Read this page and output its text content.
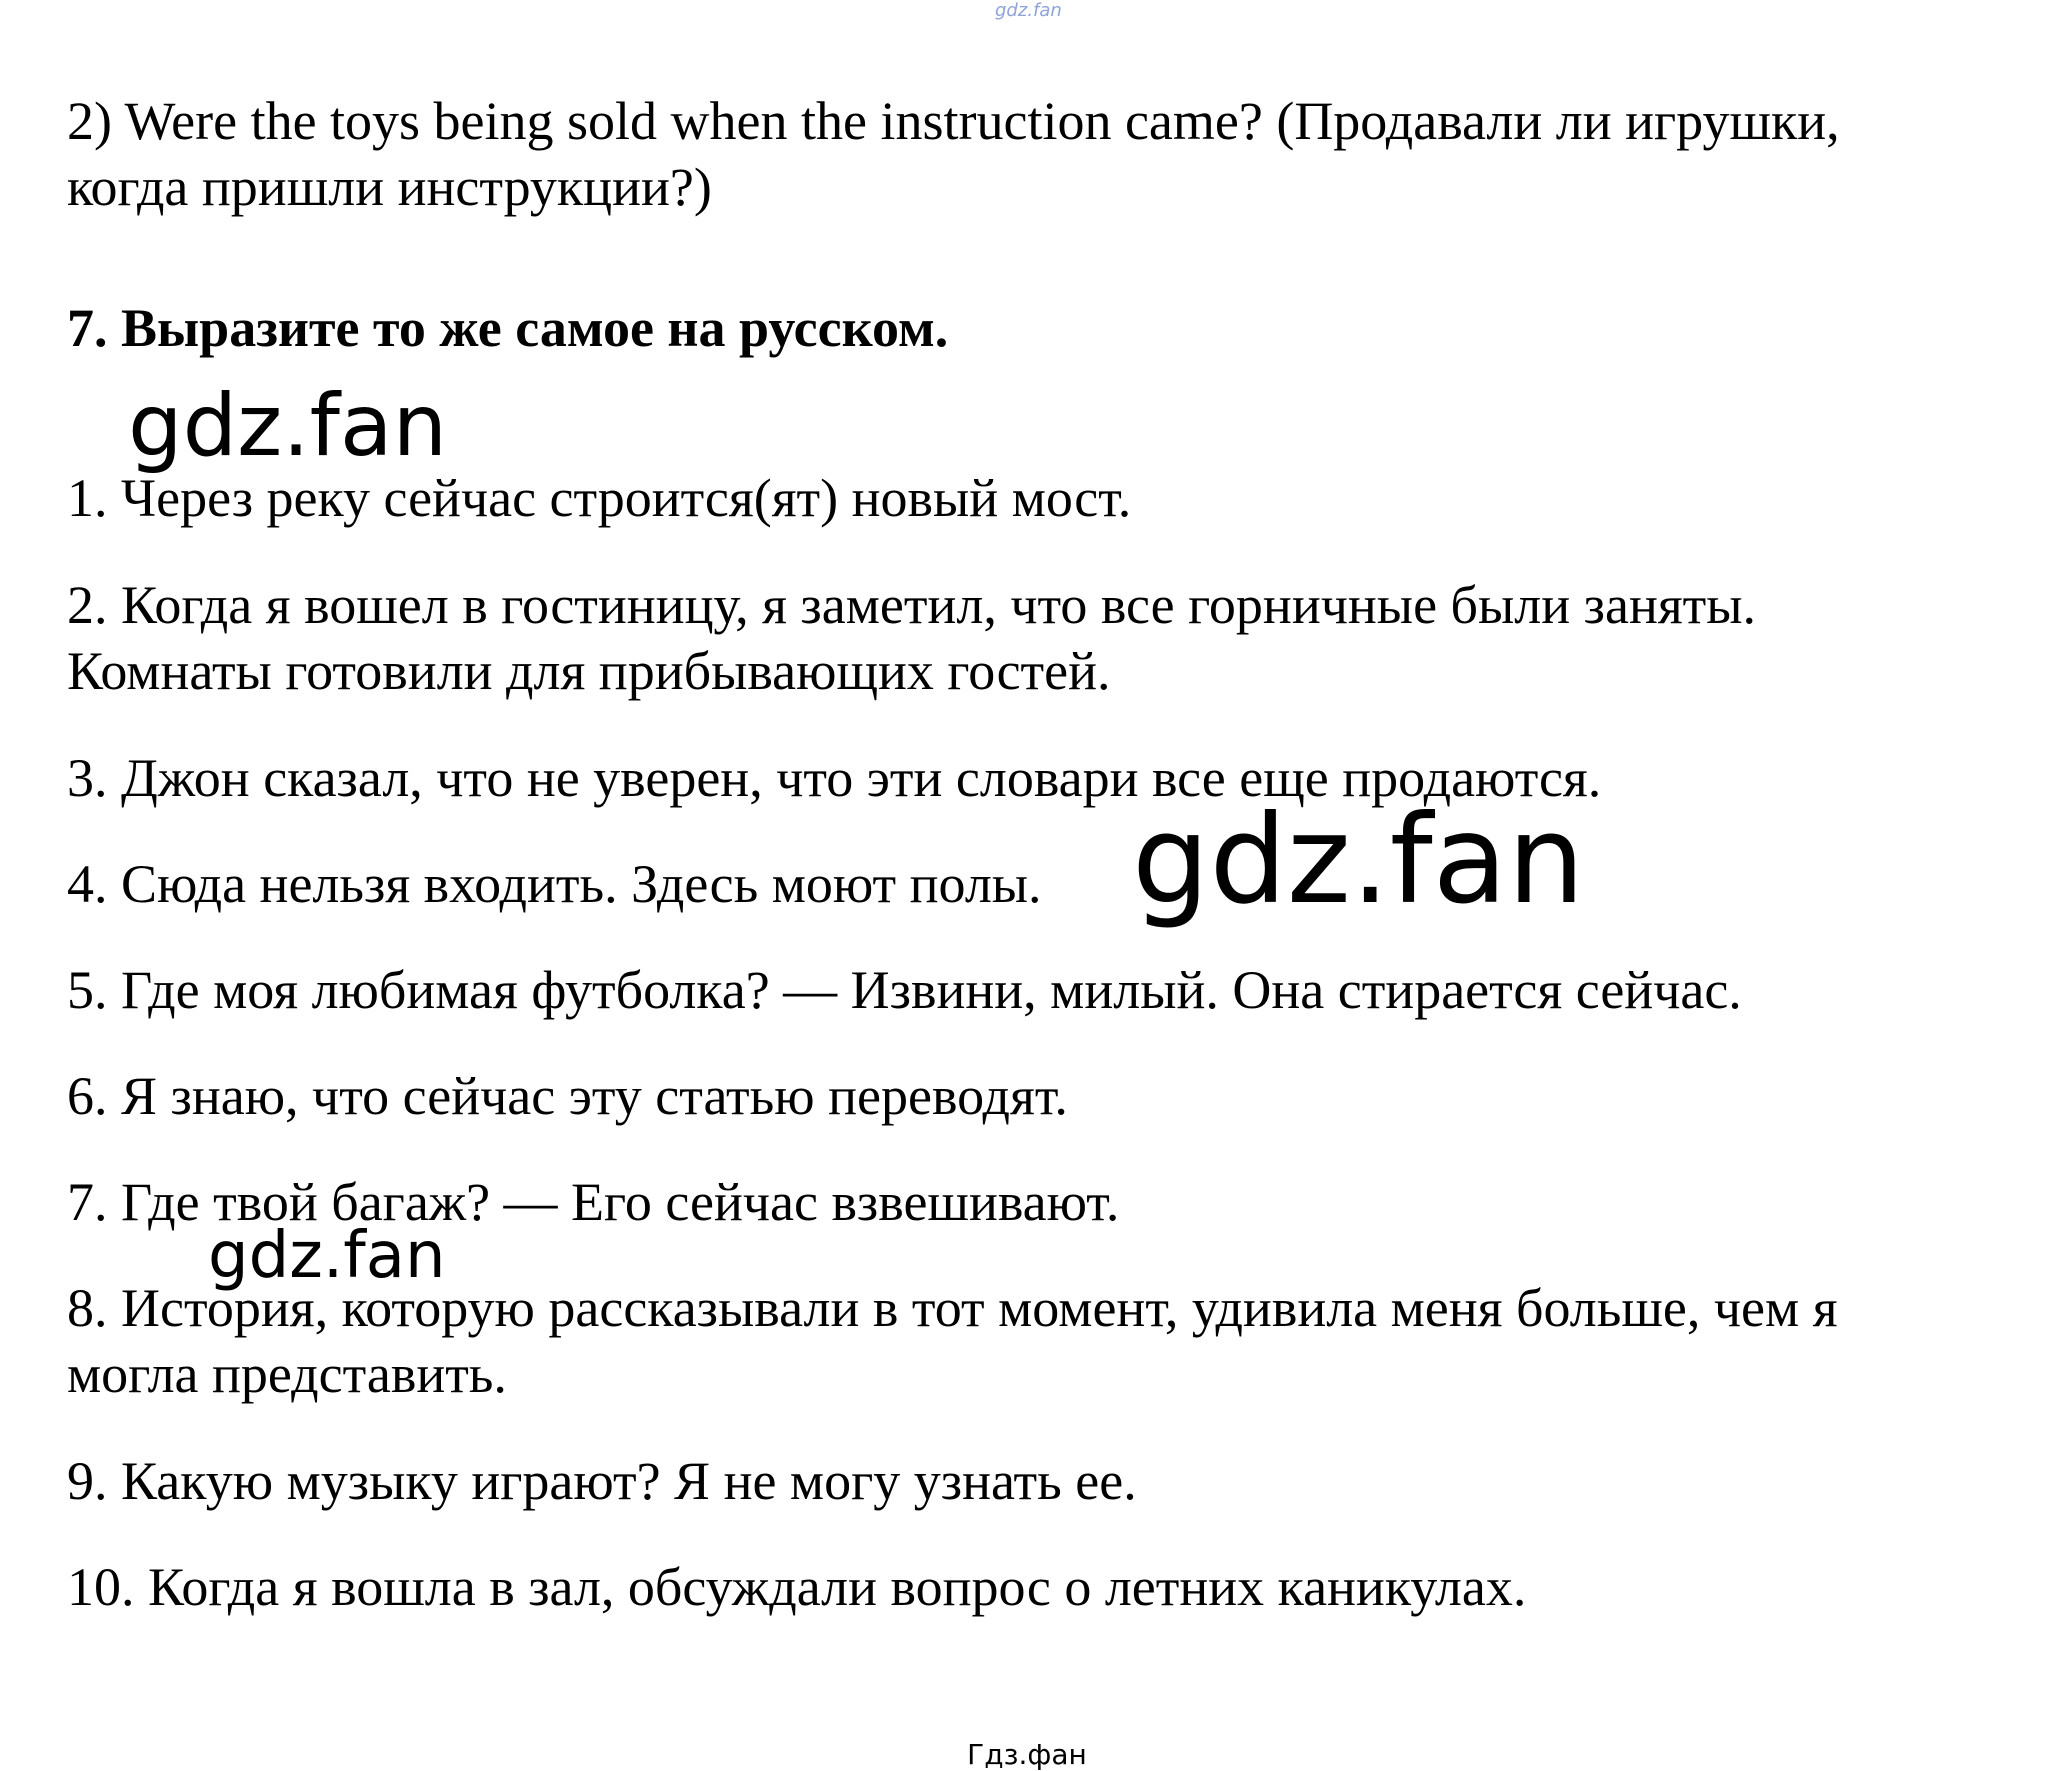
gdz.fan
2) Were the toys being sold when the instruction came? (Продавали ли игрушки,
когда пришли инструкции?)
7. Выразите то же самое на русском.
1. Через реку сейчас строится(ят) новый мост.
2. Когда я вошел в гостиницу, я заметил, что все горничные были заняты.
Комнаты готовили для прибывающих гостей.
3. Джон сказал, что не уверен, что эти словари все еще продаются.
4. Сюда нельзя входить. Здесь моют полы.
5. Где моя любимая футболка? — Извини, милый. Она стирается сейчас.
6. Я знаю, что сейчас эту статью переводят.
7. Где твой багаж? — Его сейчас взвешивают.
8. История, которую рассказывали в тот момент, удивила меня больше, чем я
могла представить.
9. Какую музыку играют? Я не могу узнать ее.
10. Когда я вошла в зал, обсуждали вопрос о летних каникулах.
gdz.fan
gdz.fan
gdz.fan
Гдз.фан
